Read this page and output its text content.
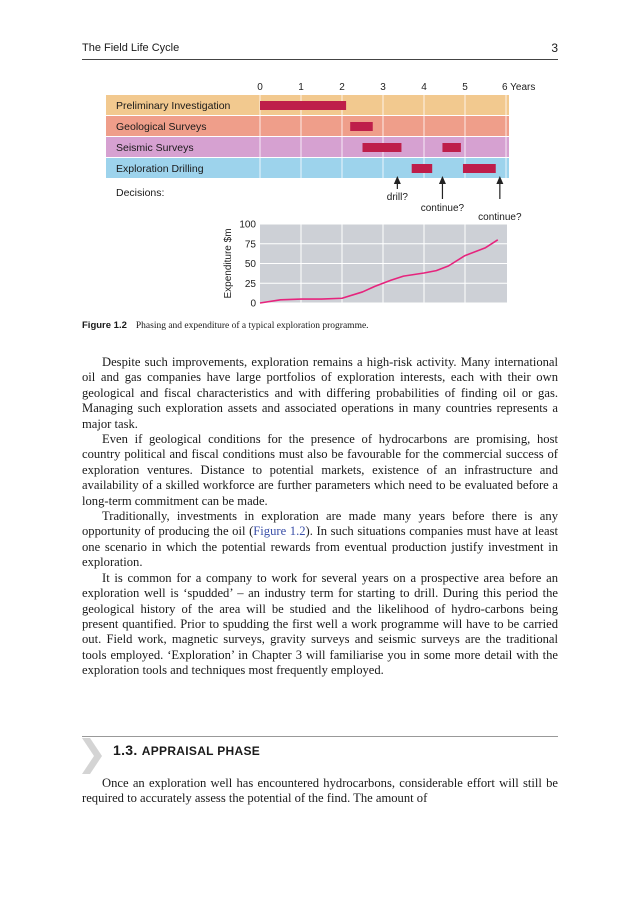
The Field Life Cycle	3
0	1	2	3	4	5	6 Years
Preliminary Investigation
Geological Surveys
Seismic Surveys
Exploration Drilling
Decisions:	drill?
continue?
continue?
0
25
50
75
100
Expenditure $m
Figure 1.2 Phasing and expenditure of a typical exploration programme.

Despite such improvements, exploration remains a high-risk activity. Many international oil and gas companies have large portfolios of exploration interests, each with their own geological and fiscal characteristics and with differing probabilities of finding oil or gas. Managing such exploration assets and associated operations in many countries represents a major task.

Even if geological conditions for the presence of hydrocarbons are promising, host country political and fiscal conditions must also be favourable for the commercial success of exploration ventures. Distance to potential markets, existence of an infrastructure and availability of a skilled workforce are further parameters which need to be evaluated before a long-term commitment can be made.

Traditionally, investments in exploration are made many years before there is any opportunity of producing the oil (Figure 1.2). In such situations companies must have at least one scenario in which the potential rewards from eventual production justify investment in exploration.

It is common for a company to work for several years on a prospective area before an exploration well is ‘spudded’ – an industry term for starting to drill. During this period the geological history of the area will be studied and the likelihood of hydro-carbons being present quantified. Prior to spudding the first well a work programme will have to be carried out. Field work, magnetic surveys, gravity surveys and seismic surveys are the traditional tools employed. ‘Exploration’ in Chapter 3 will familiarise you in some more detail with the exploration tools and techniques most frequently employed.

1.3. APPRAISAL PHASE

Once an exploration well has encountered hydrocarbons, considerable effort will still be required to accurately assess the potential of the find. The amount of
